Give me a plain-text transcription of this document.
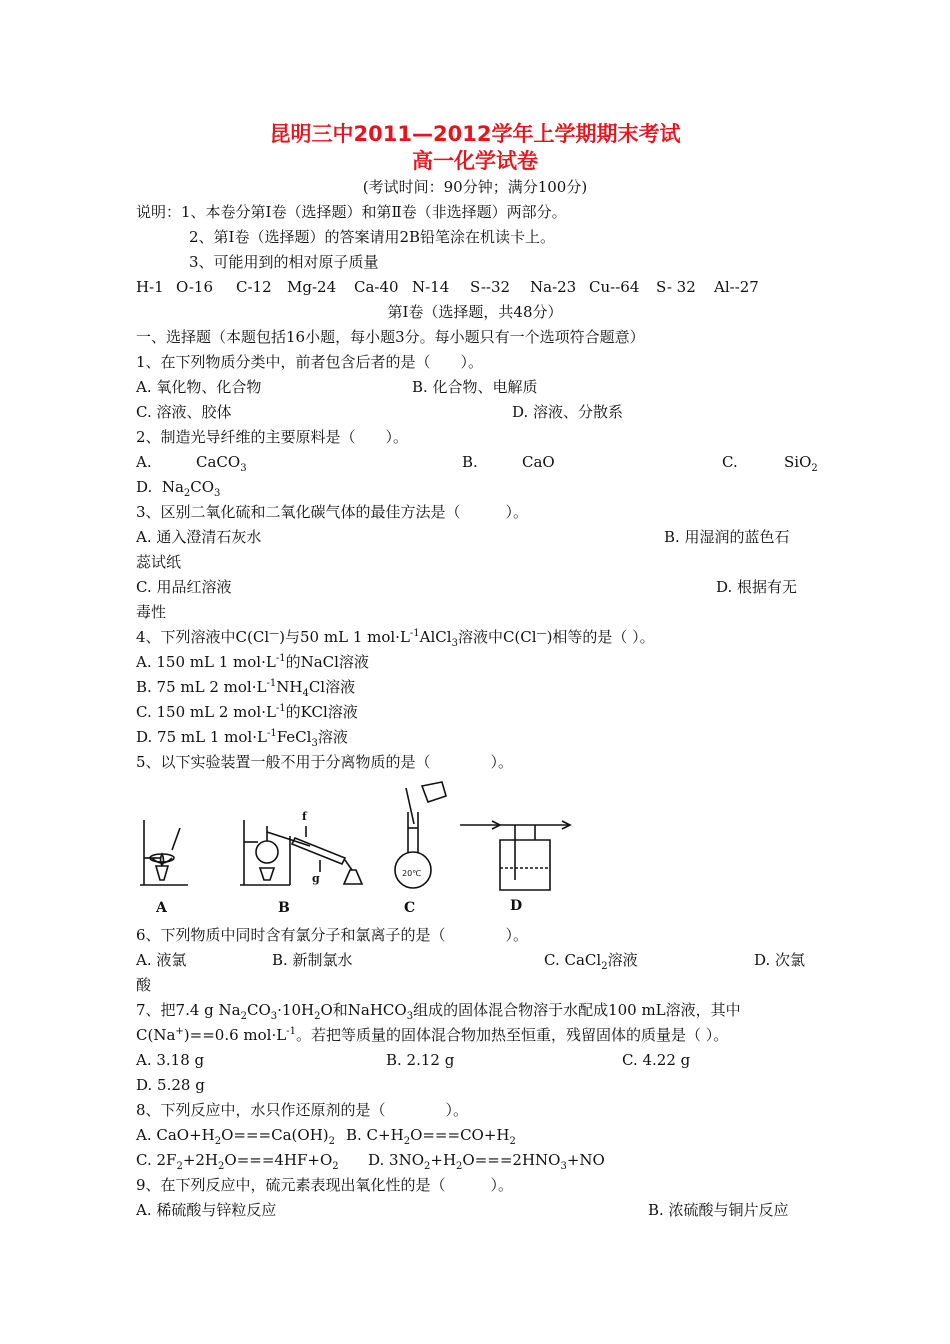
昆明三中2011—2012学年上学期期末考试
高一化学试卷
(考试时间：90分钟；满分100分)
说明：1、本卷分第Ⅰ卷（选择题）和第Ⅱ卷（非选择题）两部分。
2、第Ⅰ卷（选择题）的答案请用2B铅笔涂在机读卡上。
3、可能用到的相对原子质量
H-1 O-16 C-12 Mg-24 Ca-40 N-14 S--32 Na-23 Cu--64 S- 32 Al--27
第Ⅰ卷（选择题，共48分）
一、选择题（本题包括16小题，每小题3分。每小题只有一个选项符合题意）
1、在下列物质分类中，前者包含后者的是（　　）。
A. 氧化物、化合物	B. 化合物、电解质
C. 溶液、胶体	D. 溶液、分散系
2、制造光导纤维的主要原料是（　　）。
A.	CaCO$_3$	B.	CaO	C.	SiO$_2$
D. $Na_2CO_3$
3、区别二氧化硫和二氧化碳气体的最佳方法是（　　　）。
A. 通入澄清石灰水	B. 用湿润的蓝色石
蕊试纸
C. 用品红溶液	D. 根据有无
毒性
4、下列溶液中C(Cl—)与50 mL 1 $mol\cdot L^{-1}AlCl_3$溶液中C(Cl—)相等的是（ ）。
A. 150 mL 1 $mol\cdot L^{-1}$的NaCl溶液
B. 75 mL 2 $mol\cdot L^{-1}NH_4Cl$溶液
C. 150 mL 2 $mol\cdot L^{-1}$的KCl溶液
D. 75 mL 1 $mol\cdot L^{-1}FeCl_3$溶液
5、以下实验装置一般不用于分离物质的是（　　　　）。
20℃
f
g
A	B	C	D
6、下列物质中同时含有氯分子和氯离子的是（　　　　）。
A. 液氯	B. 新制氯水	C. CaCl$_2$溶液	D. 次氯
酸
7、把7.4 g $Na_2CO_3\cdot 10H_2O$和NaHCO$_3$组成的固体混合物溶于水配成100 mL溶液，其中
C(Na+)==0.6 $mol\cdot L^{-1}$。若把等质量的固体混合物加热至恒重，残留固体的质量是（ ）。
A. 3.18 g	B. 2.12 g	C. 4.22 g
D. 5.28 g
8、下列反应中，水只作还原剂的是（　　　　）。
A. $CaO+H_2O===Ca(OH)_2$ B. $C+H_2O===CO+H_2$
C. $2F_2+2H_2O===4HF+O_2$ D. $3NO_2+H_2O===2HNO_3+NO$
9、在下列反应中，硫元素表现出氧化性的是（　　　）。
A. 稀硫酸与锌粒反应	B. 浓硫酸与铜片反应
